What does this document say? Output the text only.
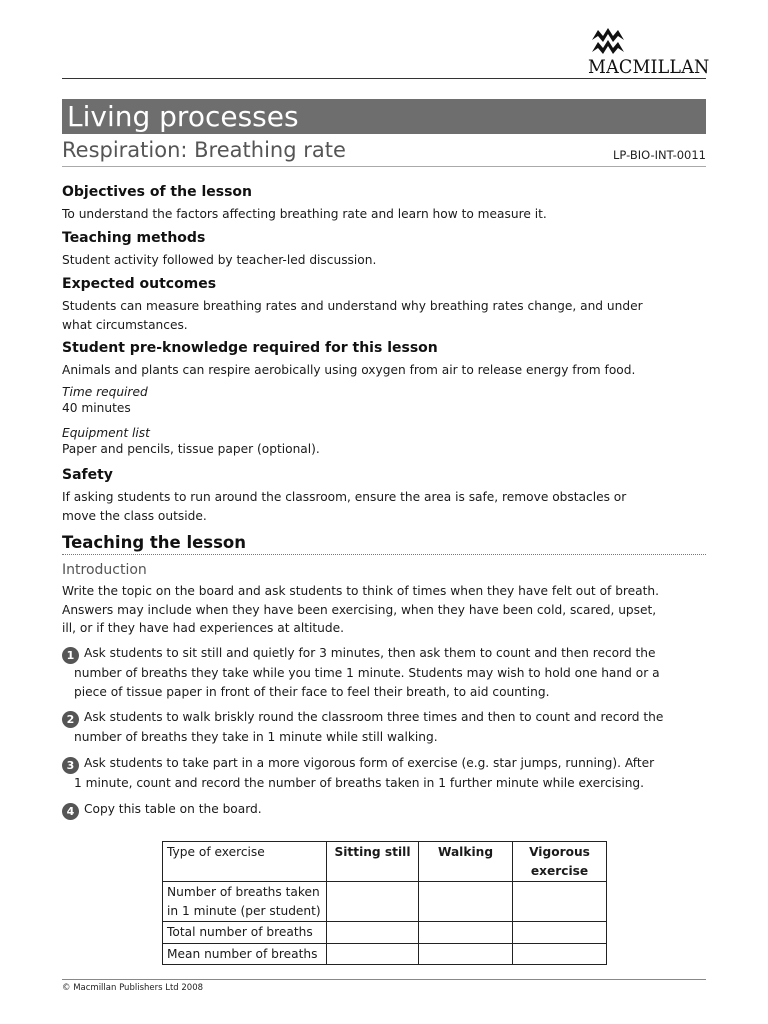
MACMILLAN
Living processes
Respiration: Breathing rate	LP-BIO-INT-0011
Objectives of the lesson
To understand the factors affecting breathing rate and learn how to measure it.
Teaching methods
Student activity followed by teacher-led discussion.
Expected outcomes
Students can measure breathing rates and understand why breathing rates change, and under what circumstances.
Student pre-knowledge required for this lesson
Animals and plants can respire aerobically using oxygen from air to release energy from food.
Time required
40 minutes
Equipment list
Paper and pencils, tissue paper (optional).
Safety
If asking students to run around the classroom, ensure the area is safe, remove obstacles or move the class outside.
Teaching the lesson
Introduction
Write the topic on the board and ask students to think of times when they have felt out of breath. Answers may include when they have been exercising, when they have been cold, scared, upset, ill, or if they have had experiences at altitude.
1 Ask students to sit still and quietly for 3 minutes, then ask them to count and then record the
number of breaths they take while you time 1 minute. Students may wish to hold one hand or a piece of tissue paper in front of their face to feel their breath, to aid counting.
2 Ask students to walk briskly round the classroom three times and then to count and record the
number of breaths they take in 1 minute while still walking.
3 Ask students to take part in a more vigorous form of exercise (e.g. star jumps, running). After
1 minute, count and record the number of breaths taken in 1 further minute while exercising.
4 Copy this table on the board.
Type of exercise	Sitting still	Walking	Vigorous exercise
Number of breaths taken in 1 minute (per student)			
Total number of breaths			
Mean number of breaths			
© Macmillan Publishers Ltd 2008
